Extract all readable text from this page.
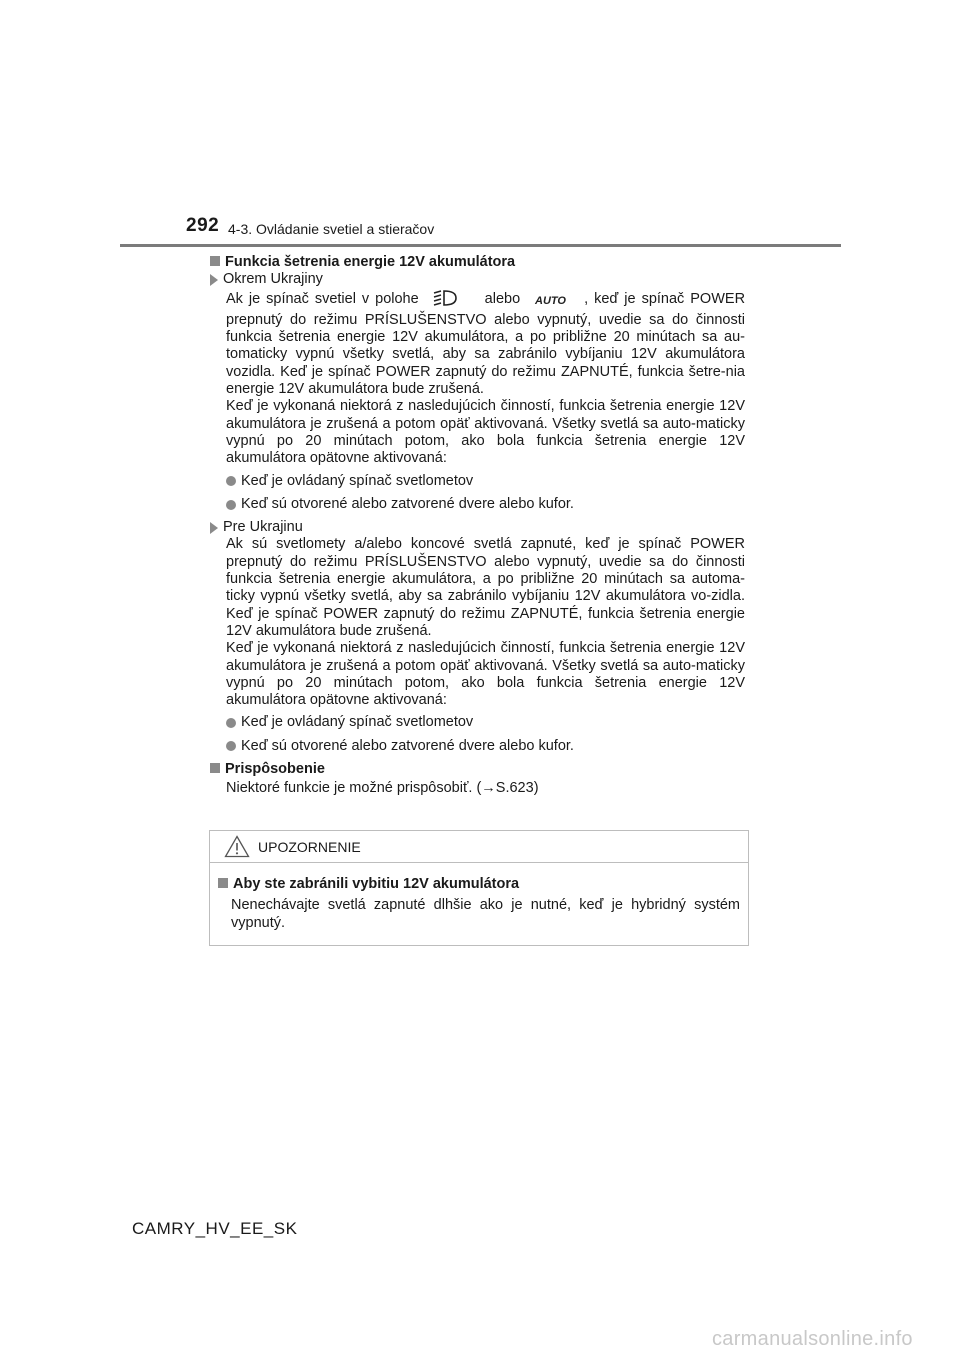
292 4-3. Ovládanie svetiel a stieračov

Funkcia šetrenia energie 12V akumulátora

Okrem Ukrajiny

Ak je spínač svetiel v polohe	alebo AUTO , keď je spínač POWER prepnutý do režimu PRÍSLUŠENSTVO alebo vypnutý, uvedie sa do činnosti funkcia šetrenia energie 12V akumulátora, a po približne 20 minútach sa au-tomaticky vypnú všetky svetlá, aby sa zabránilo vybíjaniu 12V akumulátora vozidla. Keď je spínač POWER zapnutý do režimu ZAPNUTÉ, funkcia šetre-nia energie 12V akumulátora bude zrušená.
Keď je vykonaná niektorá z nasledujúcich činností, funkcia šetrenia energie 12V akumulátora je zrušená a potom opäť aktivovaná. Všetky svetlá sa auto-maticky vypnú po 20 minútach potom, ako bola funkcia šetrenia energie 12V akumulátora opätovne aktivovaná:

Keď je ovládaný spínač svetlometov

Keď sú otvorené alebo zatvorené dvere alebo kufor.

Pre Ukrajinu

Ak sú svetlomety a/alebo koncové svetlá zapnuté, keď je spínač POWER prepnutý do režimu PRÍSLUŠENSTVO alebo vypnutý, uvedie sa do činnosti funkcia šetrenia energie akumulátora, a po približne 20 minútach sa automa-ticky vypnú všetky svetlá, aby sa zabránilo vybíjaniu 12V akumulátora vo-zidla. Keď je spínač POWER zapnutý do režimu ZAPNUTÉ, funkcia šetrenia energie 12V akumulátora bude zrušená.
Keď je vykonaná niektorá z nasledujúcich činností, funkcia šetrenia energie 12V akumulátora je zrušená a potom opäť aktivovaná. Všetky svetlá sa auto-maticky vypnú po 20 minútach potom, ako bola funkcia šetrenia energie 12V akumulátora opätovne aktivovaná:

Keď je ovládaný spínač svetlometov

Keď sú otvorené alebo zatvorené dvere alebo kufor.

Prispôsobenie

Niektoré funkcie je možné prispôsobiť. (→S.623)

UPOZORNENIE

Aby ste zabránili vybitiu 12V akumulátora

Nenechávajte svetlá zapnuté dlhšie ako je nutné, keď je hybridný systém vypnutý.

CAMRY_HV_EE_SK
carmanualsonline.info
